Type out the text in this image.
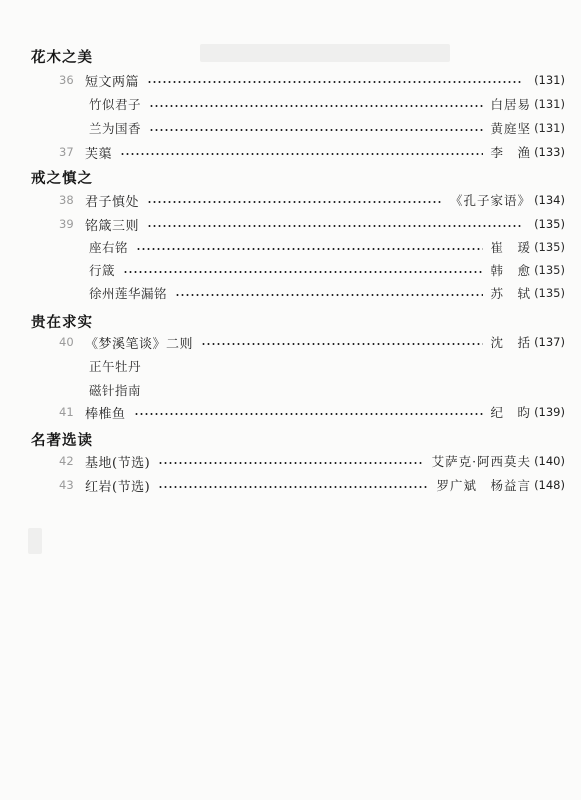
花木之美
36 短文两篇	(131)
竹似君子	白居易 (131)
兰为国香	黄庭坚 (131)
37 芙蕖	李　渔 (133)
戒之慎之
38 君子慎处	《孔子家语》 (134)
39 铭箴三则	(135)
座右铭	崔　瑗 (135)
行箴	韩　愈 (135)
徐州莲华漏铭	苏　轼 (135)
贵在求实
40 《梦溪笔谈》二则	沈　括 (137)
正午牡丹
磁针指南
41 棒椎鱼	纪　昀 (139)
名著选读
42 基地(节选)	艾萨克·阿西莫夫 (140)
43 红岩(节选)	罗广斌　杨益言 (148)
